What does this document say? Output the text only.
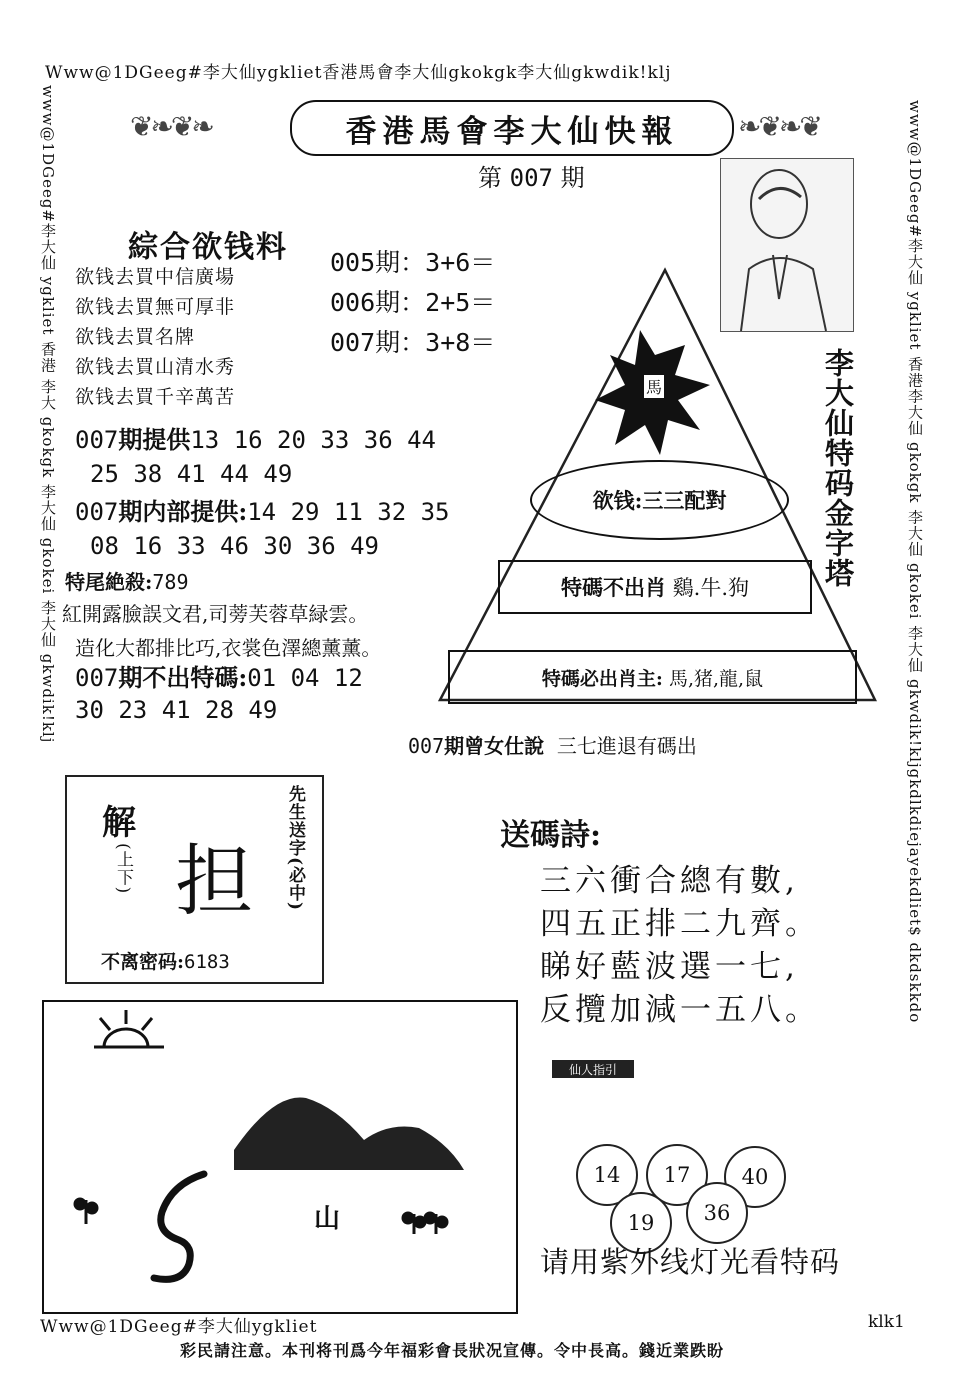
Www@1DGeeg#李大仙ygkliet香港馬會李大仙gkokgk李大仙gkwdik!klj
www@1DGeeg#李大仙 ygkliet 香港 李大 gkokgk 李大仙 gkokei 李大仙 gkwdik!klj	www@1DGeeg#李大仙 ygkliet 香港李大仙 gkokgk 李大仙 gkokei 李大仙 gkwdik!kljgkdlkdiejayekdliet$ dkdskkdo
❦❧❦❧	❧❦❧❦
香港馬會李大仙快報
第 007 期
綜合欲钱料
欲钱去買中信廣場
欲钱去買無可厚非
欲钱去買名牌
欲钱去買山清水秀
欲钱去買千辛萬苦
005期：3+6＝
006期：2+5＝
007期：3+8＝
007期提供13 16 20 33 36 44
25 38 41 44 49
007期内部提供:14 29 11 32 35
08 16 33 46 30 36 49
特尾絶殺:789
紅開露臉誤文君,司蒡芙蓉草緑雲。
造化大都排比巧,衣裳色澤總薰薰。
007期不出特碼:01 04 12
30 23 41 28 49
馬	李大仙特码金字塔
欲钱: 三三配對
特碼不出肖
鷄.牛.狗
特碼必出肖主:
馬,猪,龍,鼠
007期曾女仕說 三七進退有碼出
解
(上下) 担 先生送字(必中)
不离密码:6183
送碼詩:
三六衝合總有數,
四五正排二九齊。
睇好藍波選一七,
反攬加減一五八。
仙人指引
山
14	17	40
19	36
请用紫外线灯光看特码
Www@1DGeeg#李大仙ygkliet	klk1
彩民請注意。本刊将刊爲今年福彩會長狀况宣傳。令中長高。錢近業跌盼
